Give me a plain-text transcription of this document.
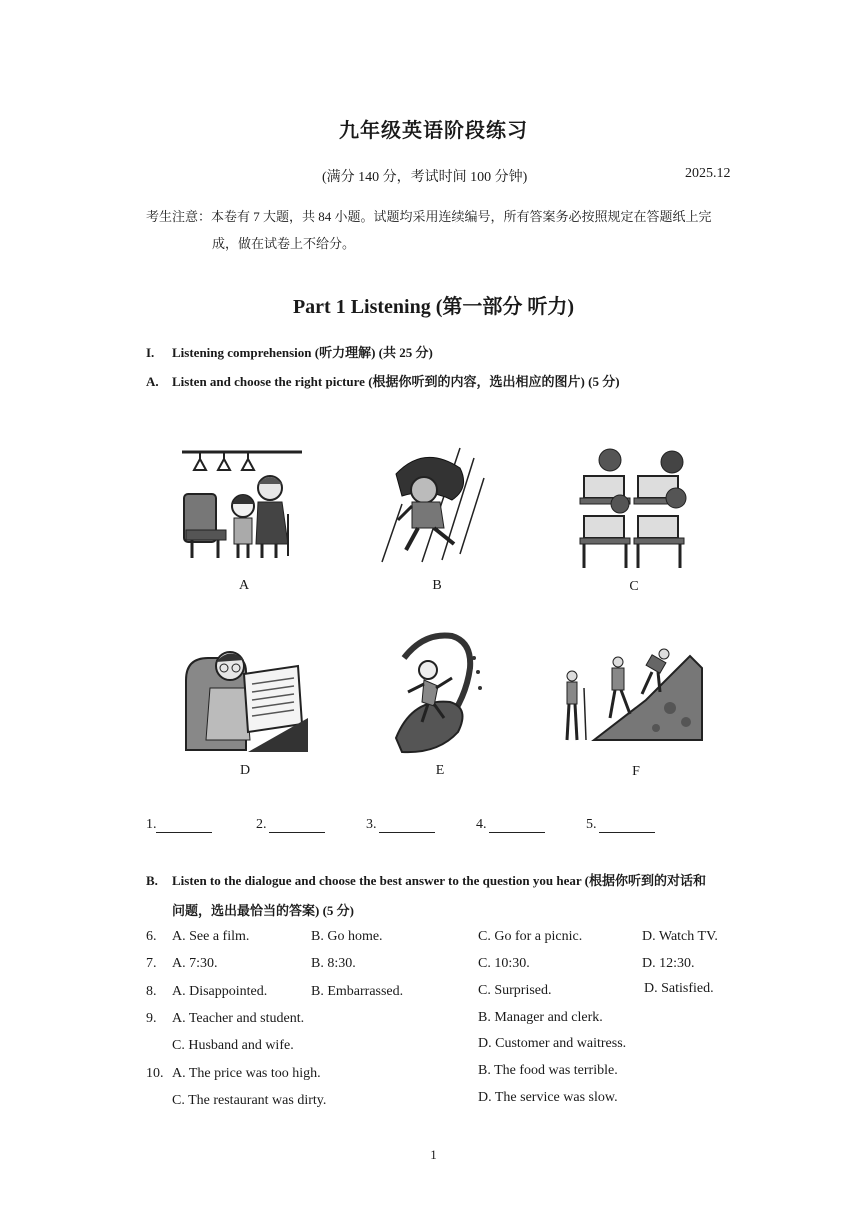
九年级英语阶段练习
(满分 140 分，考试时间 100 分钟)	2025.12
考生注意：本卷有 7 大题，共 84 小题。试题均采用连续编号，所有答案务必按照规定在答题纸上完
成，做在试卷上不给分。
Part 1 Listening (第一部分 听力)
I. Listening comprehension (听力理解) (共 25 分)
A. Listen and choose the right picture (根据你听到的内容，选出相应的图片) (5 分)
A	B	C
D	E	F
1.	2.	3.	4.	5.
B. Listen to the dialogue and choose the best answer to the question you hear (根据你听到的对话和
问题，选出最恰当的答案) (5 分)
6. A. See a film.	B. Go home.	C. Go for a picnic.	D. Watch TV.
7. A. 7:30.	B. 8:30.	C. 10:30.	D. 12:30.
8. A. Disappointed.	B. Embarrassed.	C. Surprised.	D. Satisfied.
9. A. Teacher and student.	B. Manager and clerk.
C. Husband and wife.	D. Customer and waitress.
10. A. The price was too high.	B. The food was terrible.
C. The restaurant was dirty.	D. The service was slow.
1
